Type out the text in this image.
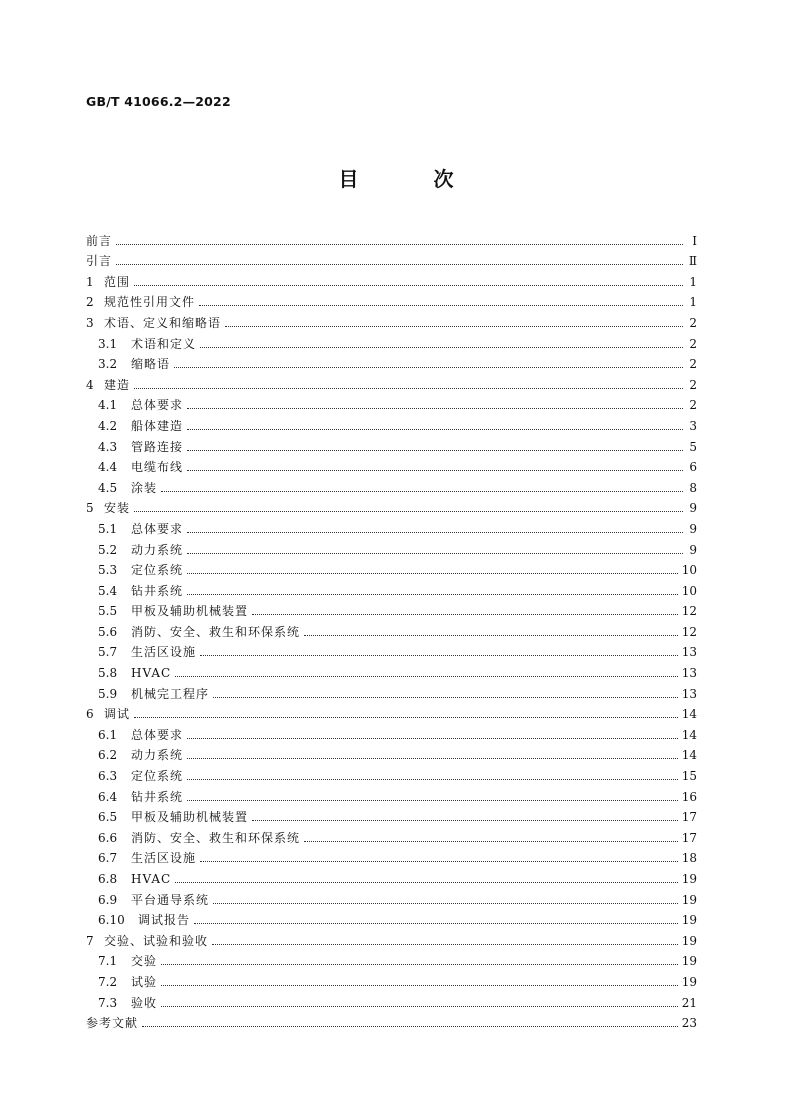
GB/T 41066.2—2022
目 次
前言	Ⅰ
引言	Ⅱ
1 范围	1
2 规范性引用文件	1
3 术语、定义和缩略语	2
3.1	术语和定义	2
3.2	缩略语	2
4 建造	2
4.1	总体要求	2
4.2	船体建造	3
4.3	管路连接	5
4.4	电缆布线	6
4.5	涂装	8
5 安装	9
5.1	总体要求	9
5.2	动力系统	9
5.3	定位系统	10
5.4	钻井系统	10
5.5	甲板及辅助机械装置	12
5.6	消防、安全、救生和环保系统	12
5.7	生活区设施	13
5.8	HVAC	13
5.9	机械完工程序	13
6 调试	14
6.1	总体要求	14
6.2	动力系统	14
6.3	定位系统	15
6.4	钻井系统	16
6.5	甲板及辅助机械装置	17
6.6	消防、安全、救生和环保系统	17
6.7	生活区设施	18
6.8	HVAC	19
6.9	平台通导系统	19
6.10	调试报告	19
7 交验、试验和验收	19
7.1	交验	19
7.2	试验	19
7.3	验收	21
参考文献	23
